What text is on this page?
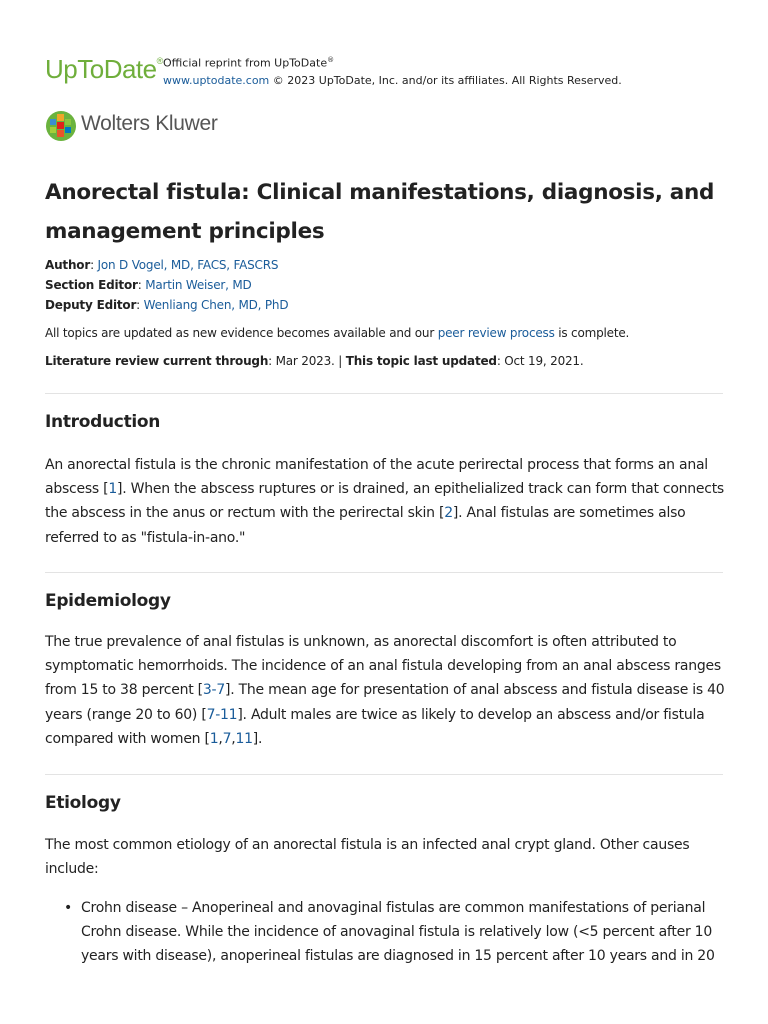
UpToDate® Official reprint from UpToDate®
www.uptodate.com © 2023 UpToDate, Inc. and/or its affiliates. All Rights Reserved.
Wolters Kluwer
Anorectal fistula: Clinical manifestations, diagnosis, and management principles
Author: Jon D Vogel, MD, FACS, FASCRS
Section Editor: Martin Weiser, MD
Deputy Editor: Wenliang Chen, MD, PhD
All topics are updated as new evidence becomes available and our peer review process is complete.
Literature review current through: Mar 2023. | This topic last updated: Oct 19, 2021.
Introduction

An anorectal fistula is the chronic manifestation of the acute perirectal process that forms an anal abscess [1]. When the abscess ruptures or is drained, an epithelialized track can form that connects the abscess in the anus or rectum with the perirectal skin [2]. Anal fistulas are sometimes also referred to as "fistula-in-ano."

Epidemiology

The true prevalence of anal fistulas is unknown, as anorectal discomfort is often attributed to symptomatic hemorrhoids. The incidence of an anal fistula developing from an anal abscess ranges from 15 to 38 percent [3-7]. The mean age for presentation of anal abscess and fistula disease is 40 years (range 20 to 60) [7-11]. Adult males are twice as likely to develop an abscess and/or fistula compared with women [1,7,11].

Etiology

The most common etiology of an anorectal fistula is an infected anal crypt gland. Other causes include:

• Crohn disease – Anoperineal and anovaginal fistulas are common manifestations of perianal Crohn disease. While the incidence of anovaginal fistula is relatively low (<5 percent after 10 years with disease), anoperineal fistulas are diagnosed in 15 percent after 10 years and in 20
